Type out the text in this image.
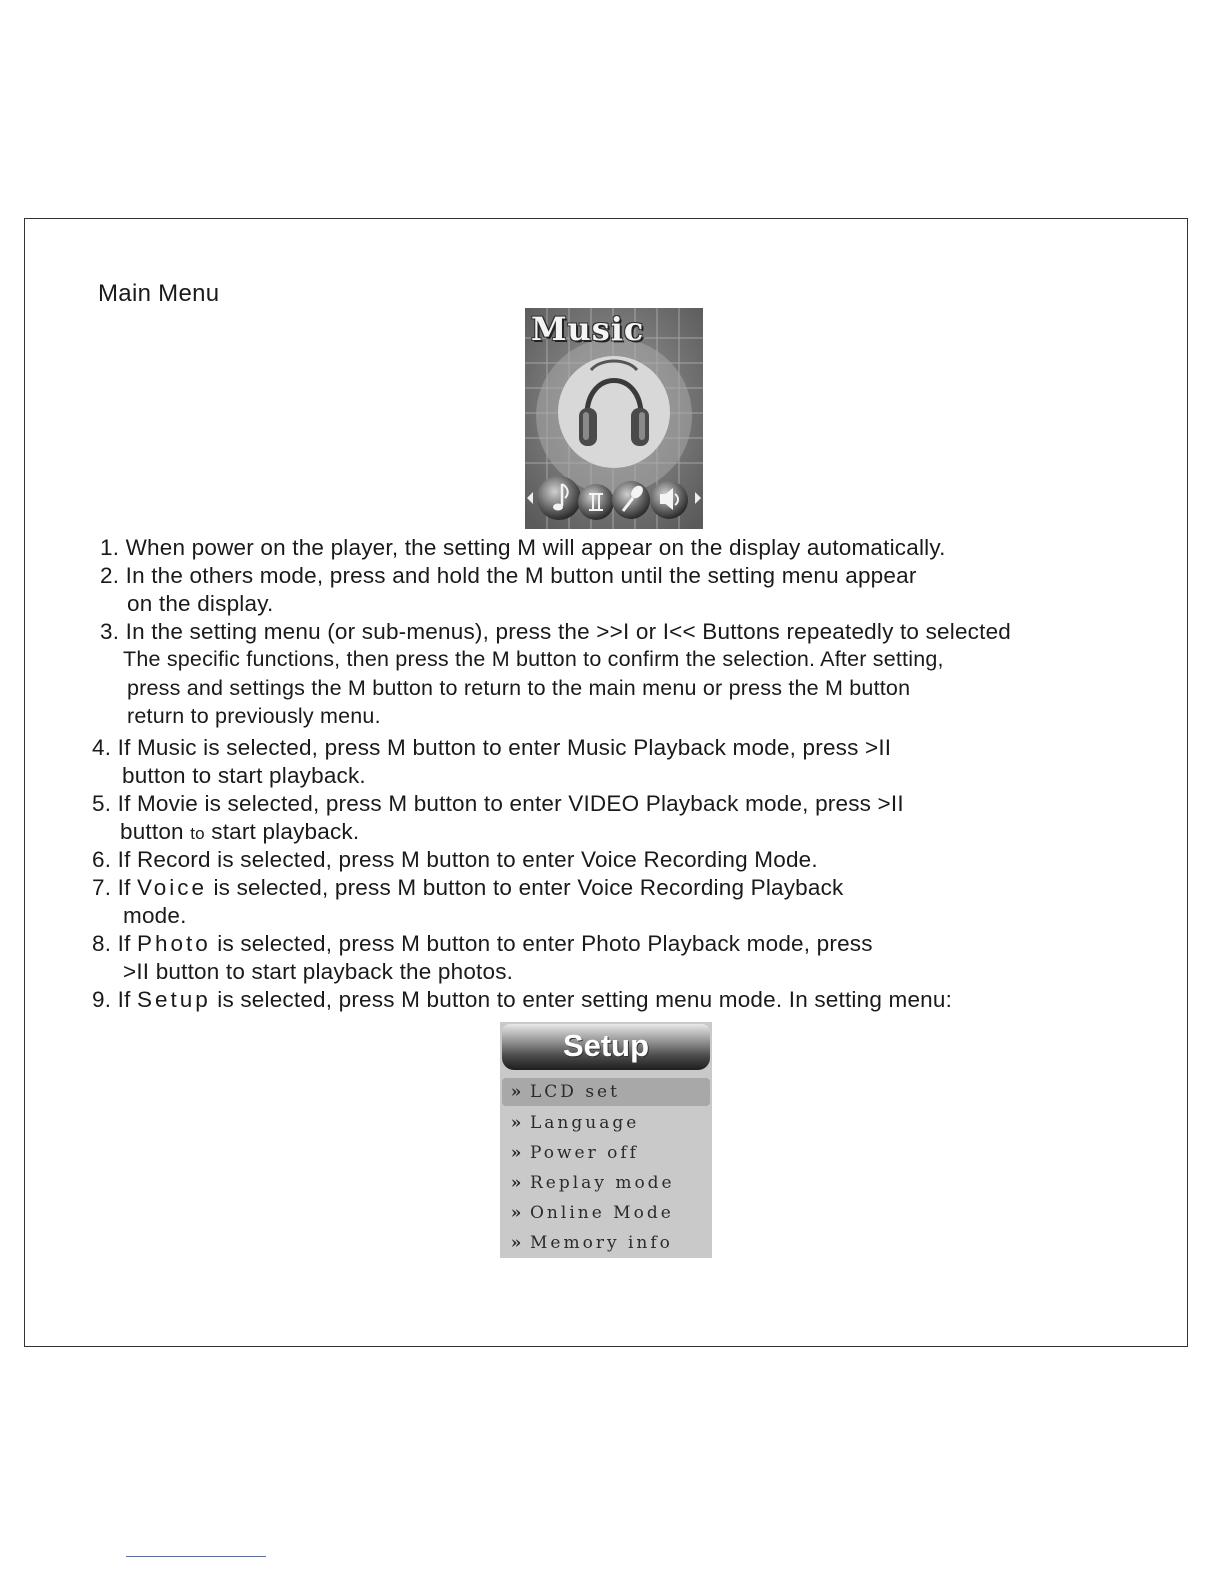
Main Menu
Music
1. When power on the player, the setting M will appear on the display automatically.
2. In the others mode, press and hold the M button until the setting menu appear
on the display.
3. In the setting menu (or sub-menus), press the >>I or I<< Buttons repeatedly to selected
The specific functions, then press the M button to confirm the selection. After setting,
press and settings the M button to return to the main menu or press the M button
return to previously menu.
4. If Music is selected, press M button to enter Music Playback mode, press >II
button to start playback.
5. If Movie is selected, press M button to enter VIDEO Playback mode, press >II
button to start playback.
6. If Record is selected, press M button to enter Voice Recording Mode.
7. If Voice is selected, press M button to enter Voice Recording Playback
mode.
8. If Photo is selected, press M button to enter Photo Playback mode, press
>II button to start playback the photos.
9. If Setup is selected, press M button to enter setting menu mode. In setting menu:
Setup
» LCD set
» Language
» Power off
» Replay mode
» Online Mode
» Memory info
